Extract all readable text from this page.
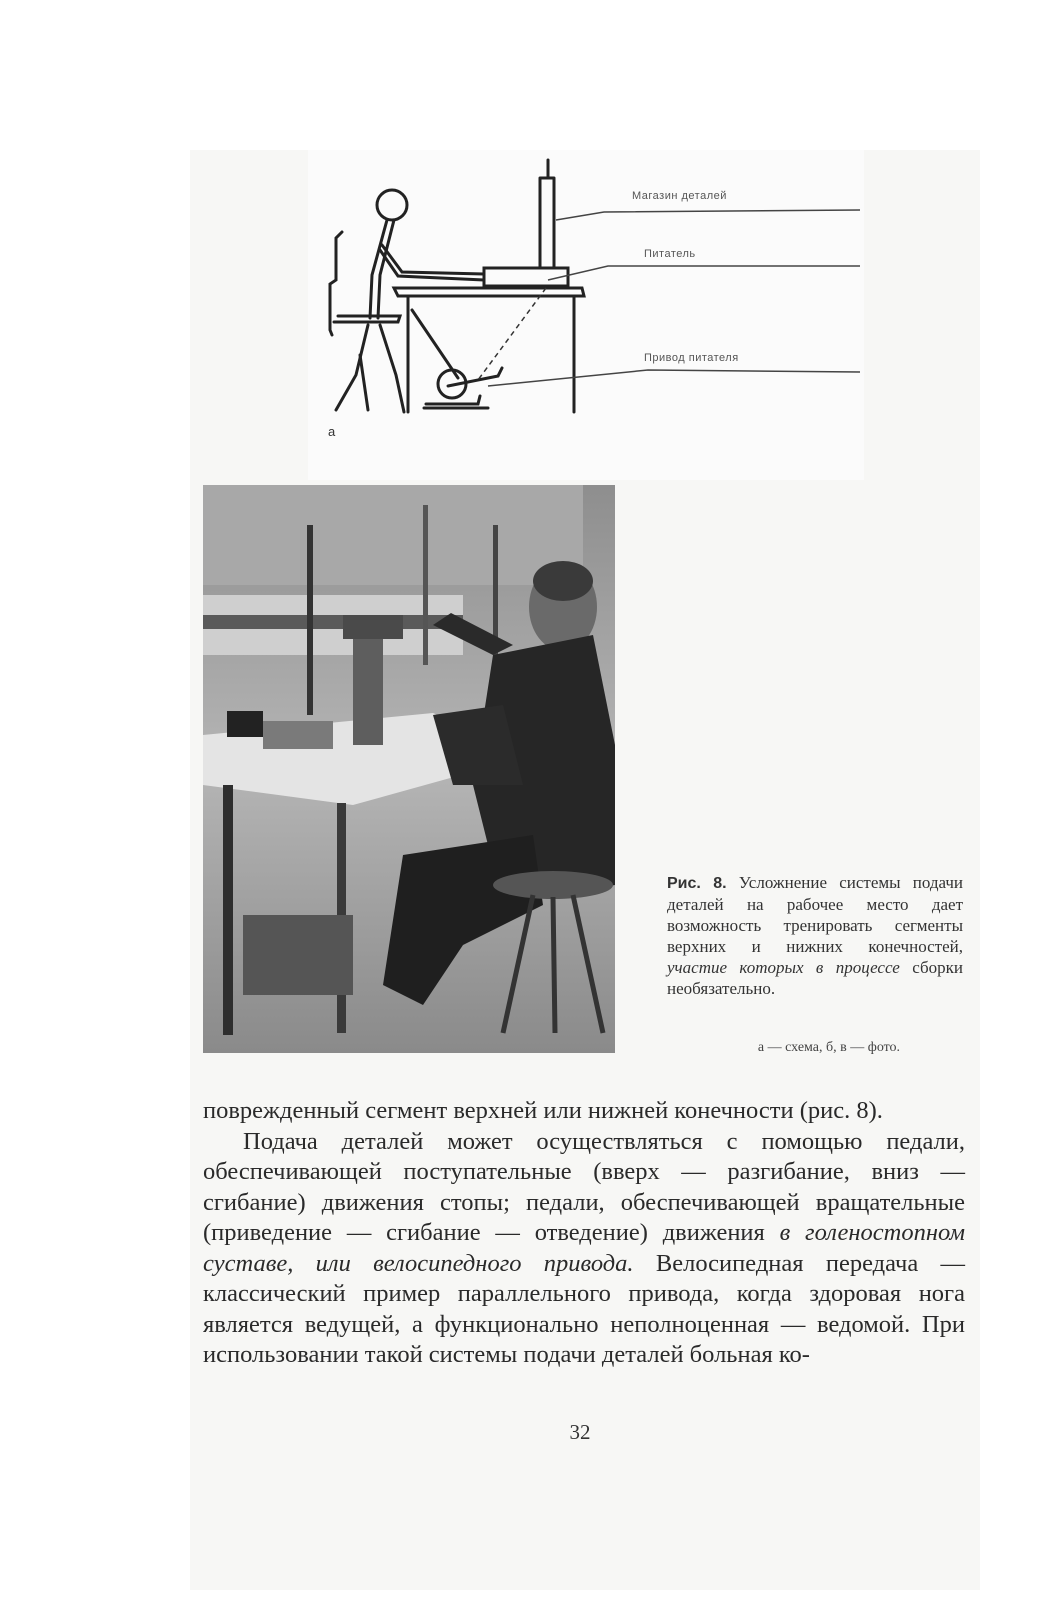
а
Магазин деталей
Питатель
Привод питателя
Рис. 8. Усложнение системы подачи деталей на рабочее место дает возможность тренировать сегменты верхних и нижних конечностей, участие которых в процессе сборки необязательно.
а — схема, б, в — фото.

поврежденный сегмент верхней или нижней конечности (рис. 8).

Подача деталей может осуществляться с помощью педали, обеспечивающей поступательные (вверх — разгибание, вниз — сгибание) движения стопы; педали, обеспечивающей вращательные (приведение — сгибание — отведение) движения в голеностопном суставе, или велосипедного привода. Велосипедная передача — классический пример параллельного привода, когда здоровая нога является ведущей, а функционально неполноценная — ведомой. При использовании такой системы подачи деталей больная ко-

32
